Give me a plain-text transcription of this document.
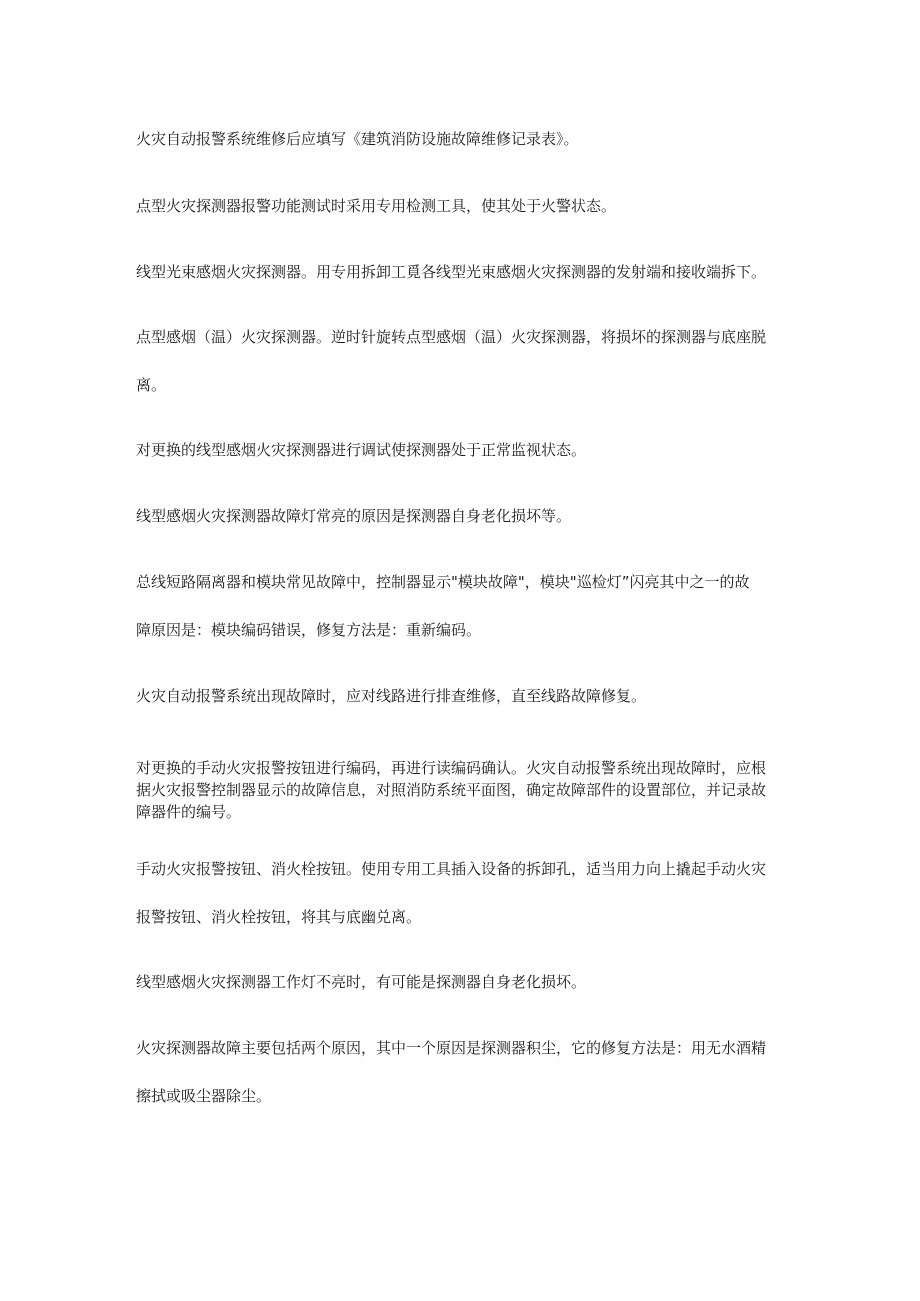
火灾自动报警系统维修后应填写《建筑消防设施故障维修记录表》。

点型火灾探测器报警功能测试时采用专用检测工具，使其处于火警状态。

线型光束感烟火灾探测器。用专用拆卸工覓各线型光束感烟火灾探测器的发射端和接收端拆下。

点型感烟（温）火灾探测器。逆时针旋转点型感烟（温）火灾探测器，将损坏的探测器与底座脱

离。

对更换的线型感烟火灾探测器进行调试使探测器处于正常监视状态。

线型感烟火灾探测器故障灯常亮的原因是探测器自身老化损坏等。

总线短路隔离器和模块常见故障中，控制器显示"模块故障"，模块"巡检灯”闪亮其中之一的故

障原因是：模块编码错误，修复方法是：重新编码。

火灾自动报警系统出现故障时，应对线路进行排查维修，直至线路故障修复。

对更换的手动火灾报警按钮进行编码，再进行读编码确认。火灾自动报警系统出现故障时，应根
据火灾报警控制器显示的故障信息，对照消防系统平面图，确定故障部件的设置部位，并记录故
障器件的编号。

手动火灾报警按钮、消火栓按钮。使用专用工具插入设备的拆卸孔，适当用力向上撬起手动火灾

报警按钮、消火栓按钮，将其与底幽兑离。

线型感烟火灾探测器工作灯不亮时，有可能是探测器自身老化损坏。

火灾探测器故障主要包括两个原因，其中一个原因是探测器积尘，它的修复方法是：用无水酒精

擦拭或吸尘器除尘。
